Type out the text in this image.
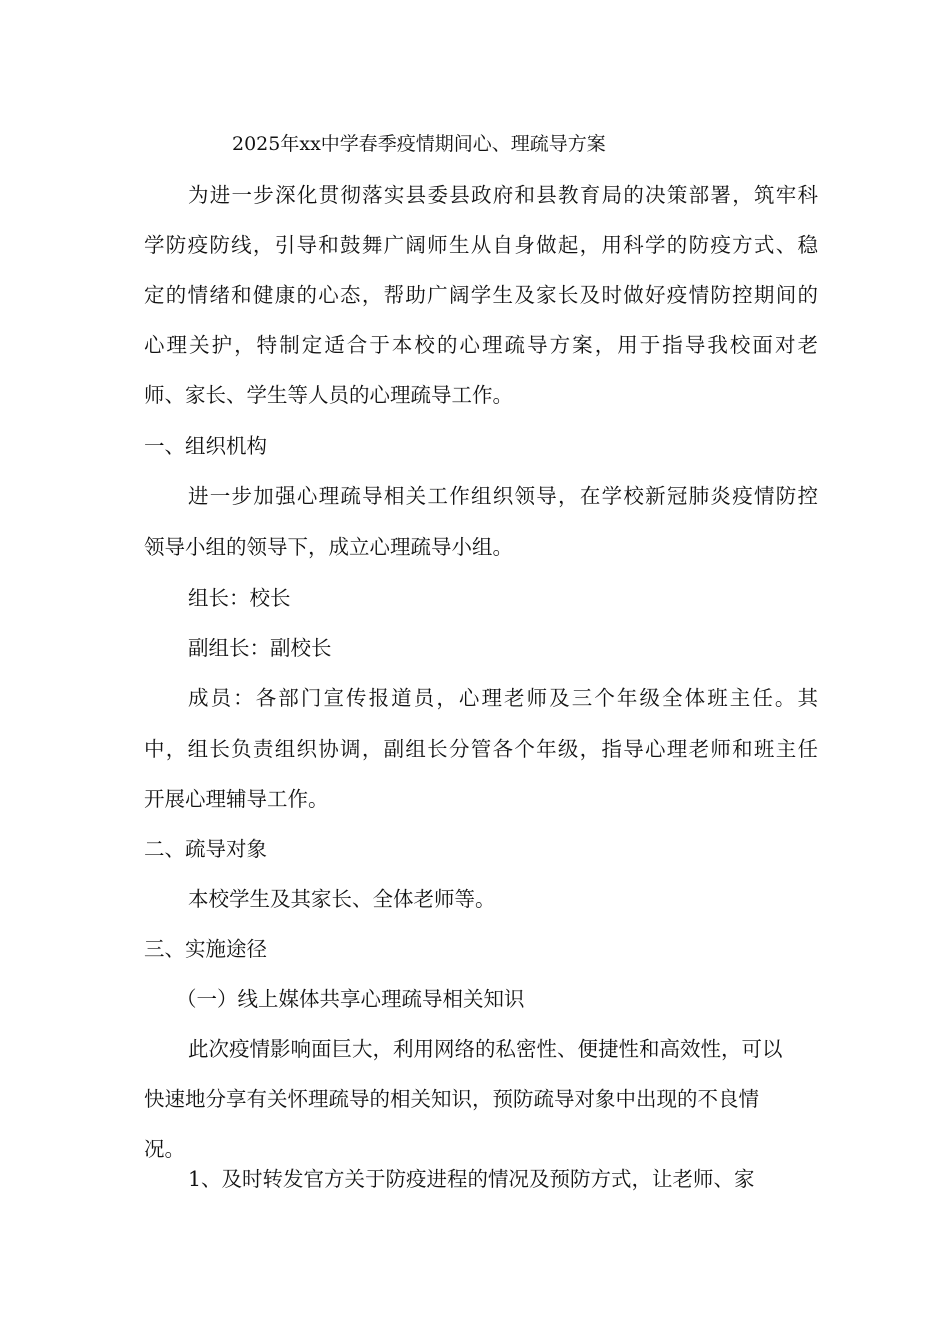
2025年xx中学春季疫情期间心、理疏导方案

为进一步深化贯彻落实县委县政府和县教育局的决策部署，筑牢科

学防疫防线，引导和鼓舞广阔师生从自身做起，用科学的防疫方式、稳

定的情绪和健康的心态，帮助广阔学生及家长及时做好疫情防控期间的

心理关护，特制定适合于本校的心理疏导方案，用于指导我校面对老

师、家长、学生等人员的心理疏导工作。

一、组织机构

进一步加强心理疏导相关工作组织领导，在学校新冠肺炎疫情防控

领导小组的领导下，成立心理疏导小组。

组长：校长

副组长：副校长

成员：各部门宣传报道员，心理老师及三个年级全体班主任。其

中，组长负责组织协调，副组长分管各个年级，指导心理老师和班主任

开展心理辅导工作。

二、疏导对象

本校学生及其家长、全体老师等。

三、实施途径

（一）线上媒体共享心理疏导相关知识

此次疫情影响面巨大，利用网络的私密性、便捷性和高效性，可以

快速地分享有关怀理疏导的相关知识，预防疏导对象中出现的不良情

况。

1、及时转发官方关于防疫进程的情况及预防方式，让老师、家
